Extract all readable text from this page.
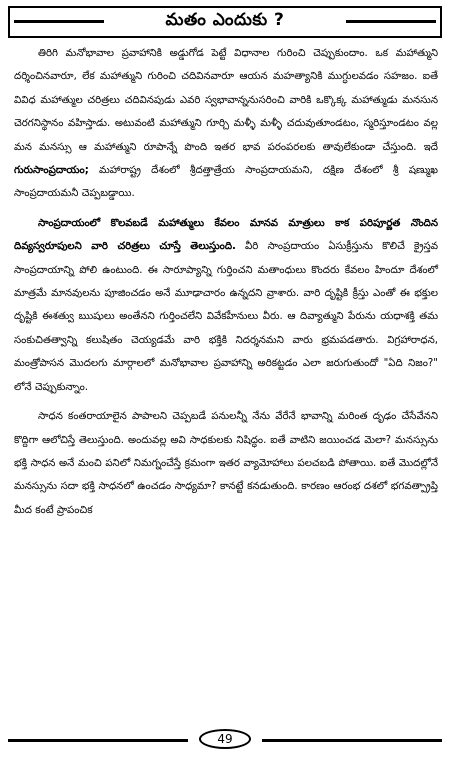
మతం ఎందుకు ?

తిరిగి మనోభావాల ప్రవాహానికి అడ్డుగోడ పెట్టే విధానాల గురించి చెప్పుకుందాం. ఒక మహాత్ముని దర్శించినవారూ, లేక మహాత్ముని గురించి చదివినవారూ ఆయన మహత్యానికి ముగ్ధులవడం సహజం. ఐతే వివిధ మహాత్ముల చరిత్రలు చదివినపుడు ఎవరి స్వభావాన్ననుసరించి వారికి ఒక్కొక్క మహాత్ముడు మనసున చెరగనిస్థానం వహిస్తాడు. అటువంటి మహాత్ముని గూర్చి మళ్ళీ మళ్ళీ చదువుతూండటం, స్మరిస్తూండటం వల్ల మన మనస్సు ఆ మహాత్ముని రూపాన్నే పొంది ఇతర భావ పరంపరలకు తావులేకుండా చేస్తుంది. ఇదే గురుసాంప్రదాయం; మహారాష్ట్ర దేశంలో శ్రీదత్తాత్రేయ సాంప్రదాయమని, దక్షిణ దేశంలో శ్రీ షణ్ముఖ సాంప్రదాయమనీ చెప్పబడ్డాయి.

సాంప్రదాయంలో కొలవబడే మహాత్ములు కేవలం మానవ మాత్రులు కాక పరిపూర్ణత నొందిన దివ్యస్వరూపులని వారి చరిత్రలు చూస్తే తెలుస్తుంది. వీరి సాంప్రదాయం ఏసుక్రీస్తును కొలిచే క్రైస్తవ సాంప్రదాయాన్ని పోలి ఉంటుంది. ఈ సారూప్యాన్ని గుర్తించని మతాంధులు కొందరు కేవలం హిందూ దేశంలో మాత్రమే మానవులను పూజించడం అనే మూఢాచారం ఉన్నదని వ్రాశారు. వారి దృష్టికి క్రీస్తు ఎంతో ఈ భక్తుల దృష్టికి ఈశత్వు ఋషులు అంతేనని గుర్తించలేని వివేకహీనులు వీరు. ఆ దివ్యాత్ముని పేరును యధాశక్తి తమ సంకుచితత్వాన్ని కలుషితం చెయ్యడమే వారి భక్తికి నిదర్శనమని వారు భ్రమపడతారు. విగ్రహారాధన, మంత్రోపాసన మొదలగు మార్గాలలో మనోభావాల ప్రవాహాన్ని అరికట్టడం ఎలా జరుగుతుందో "ఏది నిజం?" లోనే చెప్పుకున్నాం.

సాధన కంతరాయాలైన పాపాలని చెప్పబడే పనులన్నీ నేను వేరేనే భావాన్ని మరింత దృఢం చేసేవేనని కొద్దిగా ఆలోచిస్తే తెలుస్తుంది. అందువల్ల అవి సాధకులకు నిషిద్ధం. ఐతే వాటిని జయించడ మెలా? మనస్సును భక్తి సాధన అనే మంచి పనిలో నిమగ్నంచేస్తే క్రమంగా ఇతర వ్యామోహాలు పలచబడి పోతాయి. ఐతే మొదల్లోనే మనస్సును సదా భక్తి సాధనలో ఉంచడం సాధ్యమా? కానట్టే కనడుతుంది. కారణం ఆరంభ దశలో భగవత్ప్రాప్తి మీద కంటే ప్రాపంచిక

49
